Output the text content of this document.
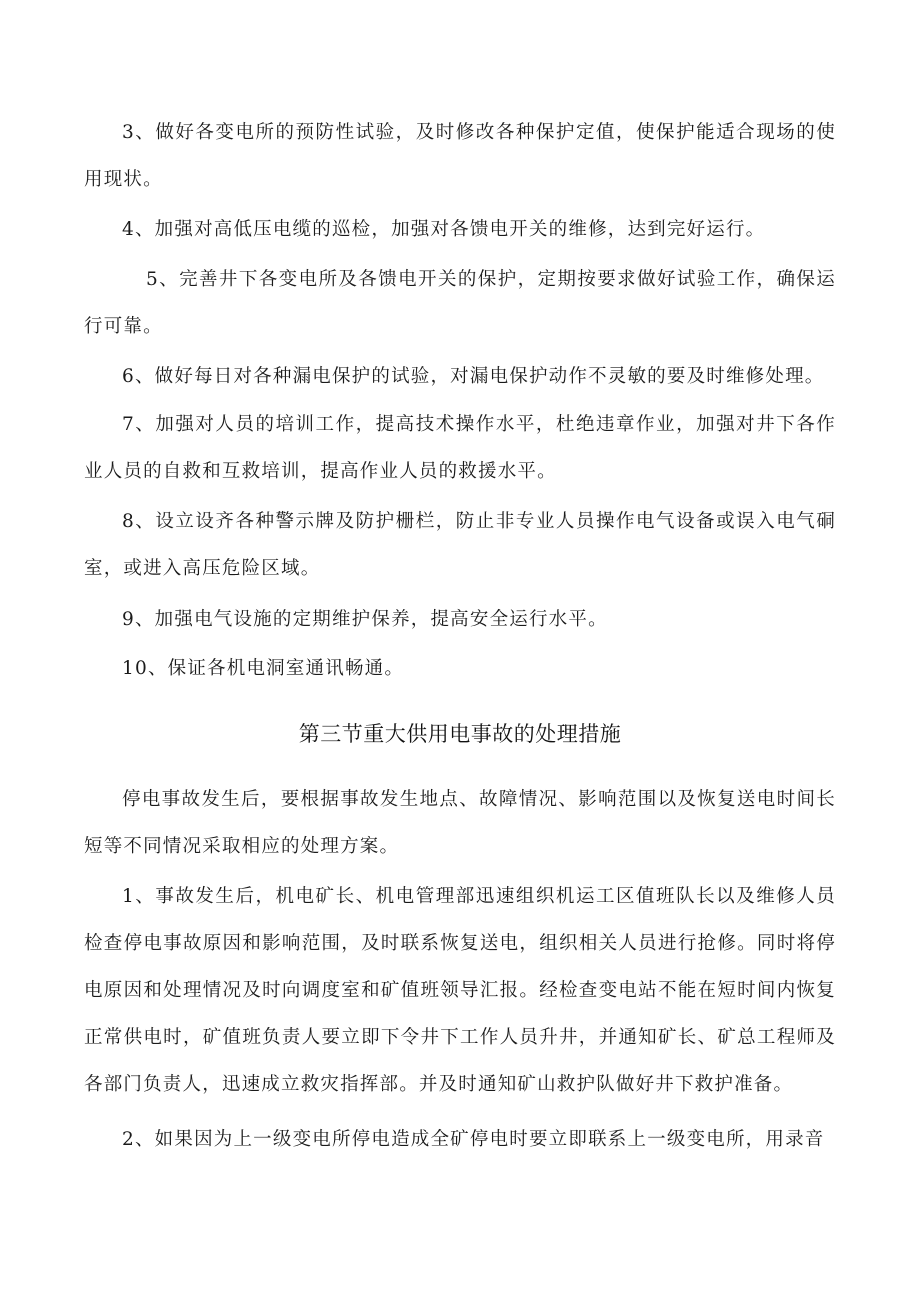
3、做好各变电所的预防性试验，及时修改各种保护定值，使保护能适合现场的使用现状。

4、加强对高低压电缆的巡检，加强对各馈电开关的维修，达到完好运行。

5、完善井下各变电所及各馈电开关的保护，定期按要求做好试验工作，确保运行可靠。

6、做好每日对各种漏电保护的试验，对漏电保护动作不灵敏的要及时维修处理。

7、加强对人员的培训工作，提高技术操作水平，杜绝违章作业，加强对井下各作业人员的自救和互救培训，提高作业人员的救援水平。

8、设立设齐各种警示牌及防护栅栏，防止非专业人员操作电气设备或误入电气硐室，或进入高压危险区域。

9、加强电气设施的定期维护保养，提高安全运行水平。

10、保证各机电洞室通讯畅通。

第三节重大供用电事故的处理措施

停电事故发生后，要根据事故发生地点、故障情况、影响范围以及恢复送电时间长短等不同情况采取相应的处理方案。

1、事故发生后，机电矿长、机电管理部迅速组织机运工区值班队长以及维修人员检查停电事故原因和影响范围，及时联系恢复送电，组织相关人员进行抢修。同时将停电原因和处理情况及时向调度室和矿值班领导汇报。经检查变电站不能在短时间内恢复正常供电时，矿值班负责人要立即下令井下工作人员升井，并通知矿长、矿总工程师及各部门负责人，迅速成立救灾指挥部。并及时通知矿山救护队做好井下救护准备。

2、如果因为上一级变电所停电造成全矿停电时要立即联系上一级变电所，用录音
